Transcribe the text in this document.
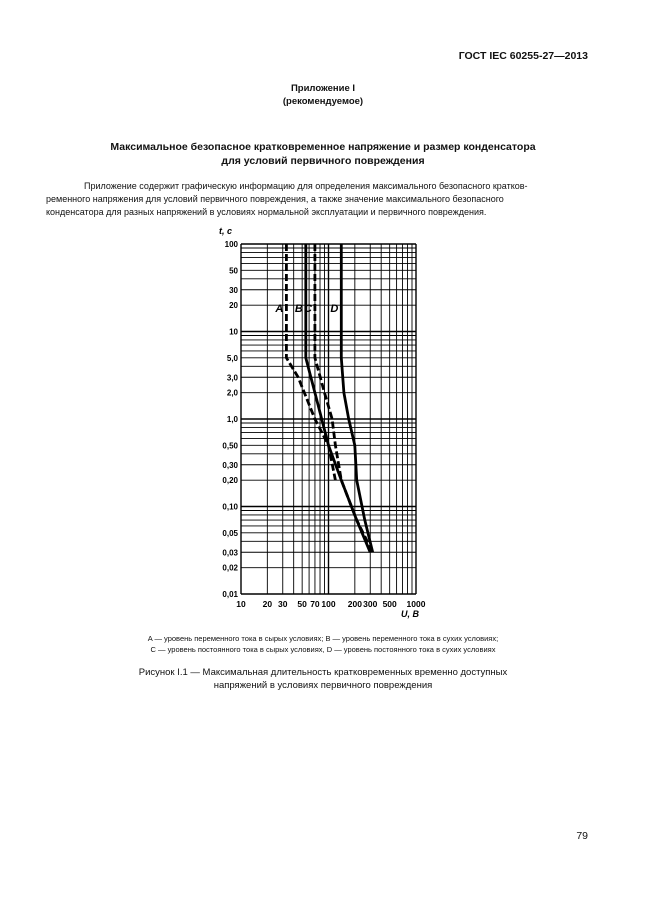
ГОСТ IEC 60255-27—2013
Приложение I
(рекомендуемое)
Максимальное безопасное кратковременное напряжение и размер конденсатора
для условий первичного повреждения
Приложение содержит графическую информацию для определения максимального безопасного кратков-
ременного напряжения для условий первичного повреждения, а также значение максимального безопасного
конденсатора для разных напряжений в условиях нормальной эксплуатации и первичного повреждения.
10 20 30 50 70 100 200 300 500 1000
0,01
0,02
0,03
0,05
0,10
0,20
0,30
0,50
1,0
2,0
3,0
5,0
10
20
30
50
100
t, с
U, В
A B C D
A — уровень переменного тока в сырых условиях; B — уровень переменного тока в сухих условиях;
C — уровень постоянного тока в сырых условиях, D — уровень постоянного тока в сухих условиях
Рисунок I.1 — Максимальная длительность кратковременных временно доступных
напряжений в условиях первичного повреждения
79
